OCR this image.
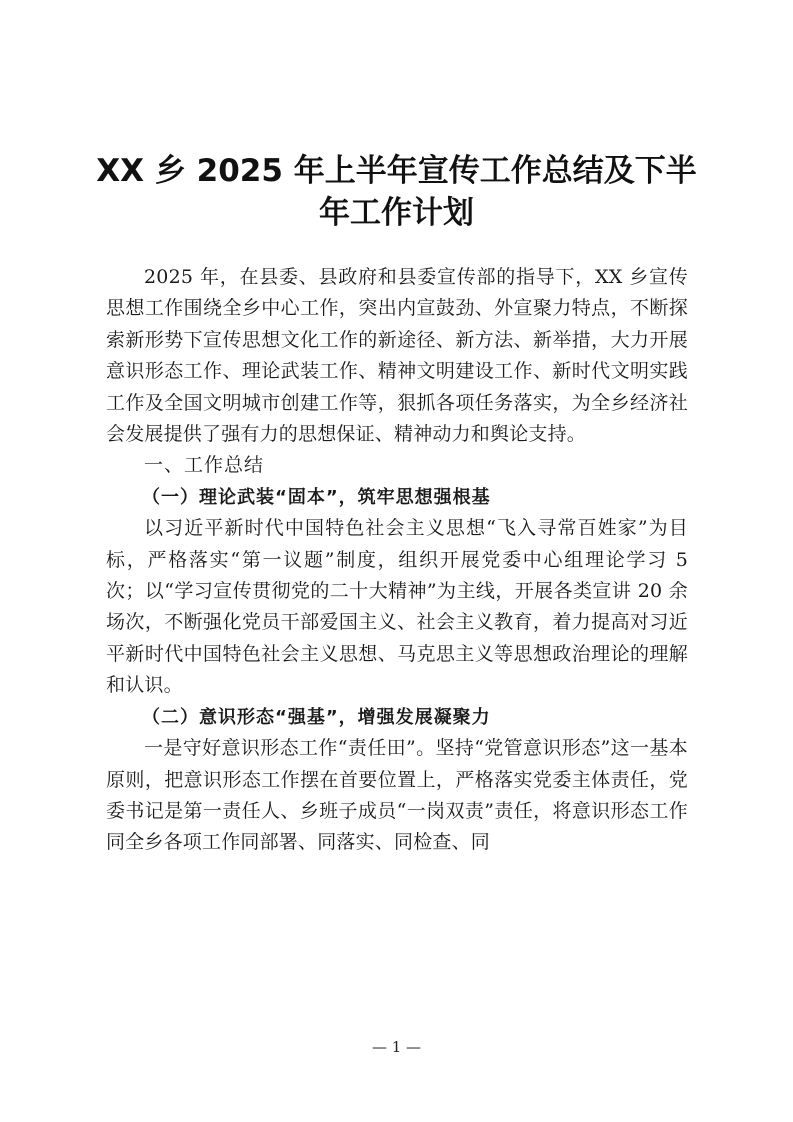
XX 乡 2025 年上半年宣传工作总结及下半
年工作计划

2025 年，在县委、县政府和县委宣传部的指导下，XX 乡宣传思想工作围绕全乡中心工作，突出内宣鼓劲、外宣聚力特点，不断探索新形势下宣传思想文化工作的新途径、新方法、新举措，大力开展意识形态工作、理论武装工作、精神文明建设工作、新时代文明实践工作及全国文明城市创建工作等，狠抓各项任务落实，为全乡经济社会发展提供了强有力的思想保证、精神动力和舆论支持。

一、工作总结

（一）理论武装“固本”，筑牢思想强根基

以习近平新时代中国特色社会主义思想“飞入寻常百姓家”为目标，严格落实“第一议题”制度，组织开展党委中心组理论学习 5 次；以“学习宣传贯彻党的二十大精神”为主线，开展各类宣讲 20 余场次，不断强化党员干部爱国主义、社会主义教育，着力提高对习近平新时代中国特色社会主义思想、马克思主义等思想政治理论的理解和认识。

（二）意识形态“强基”，增强发展凝聚力

一是守好意识形态工作“责任田”。坚持“党管意识形态”这一基本原则，把意识形态工作摆在首要位置上，严格落实党委主体责任，党委书记是第一责任人、乡班子成员“一岗双责”责任，将意识形态工作同全乡各项工作同部署、同落实、同检查、同

— 1 —
